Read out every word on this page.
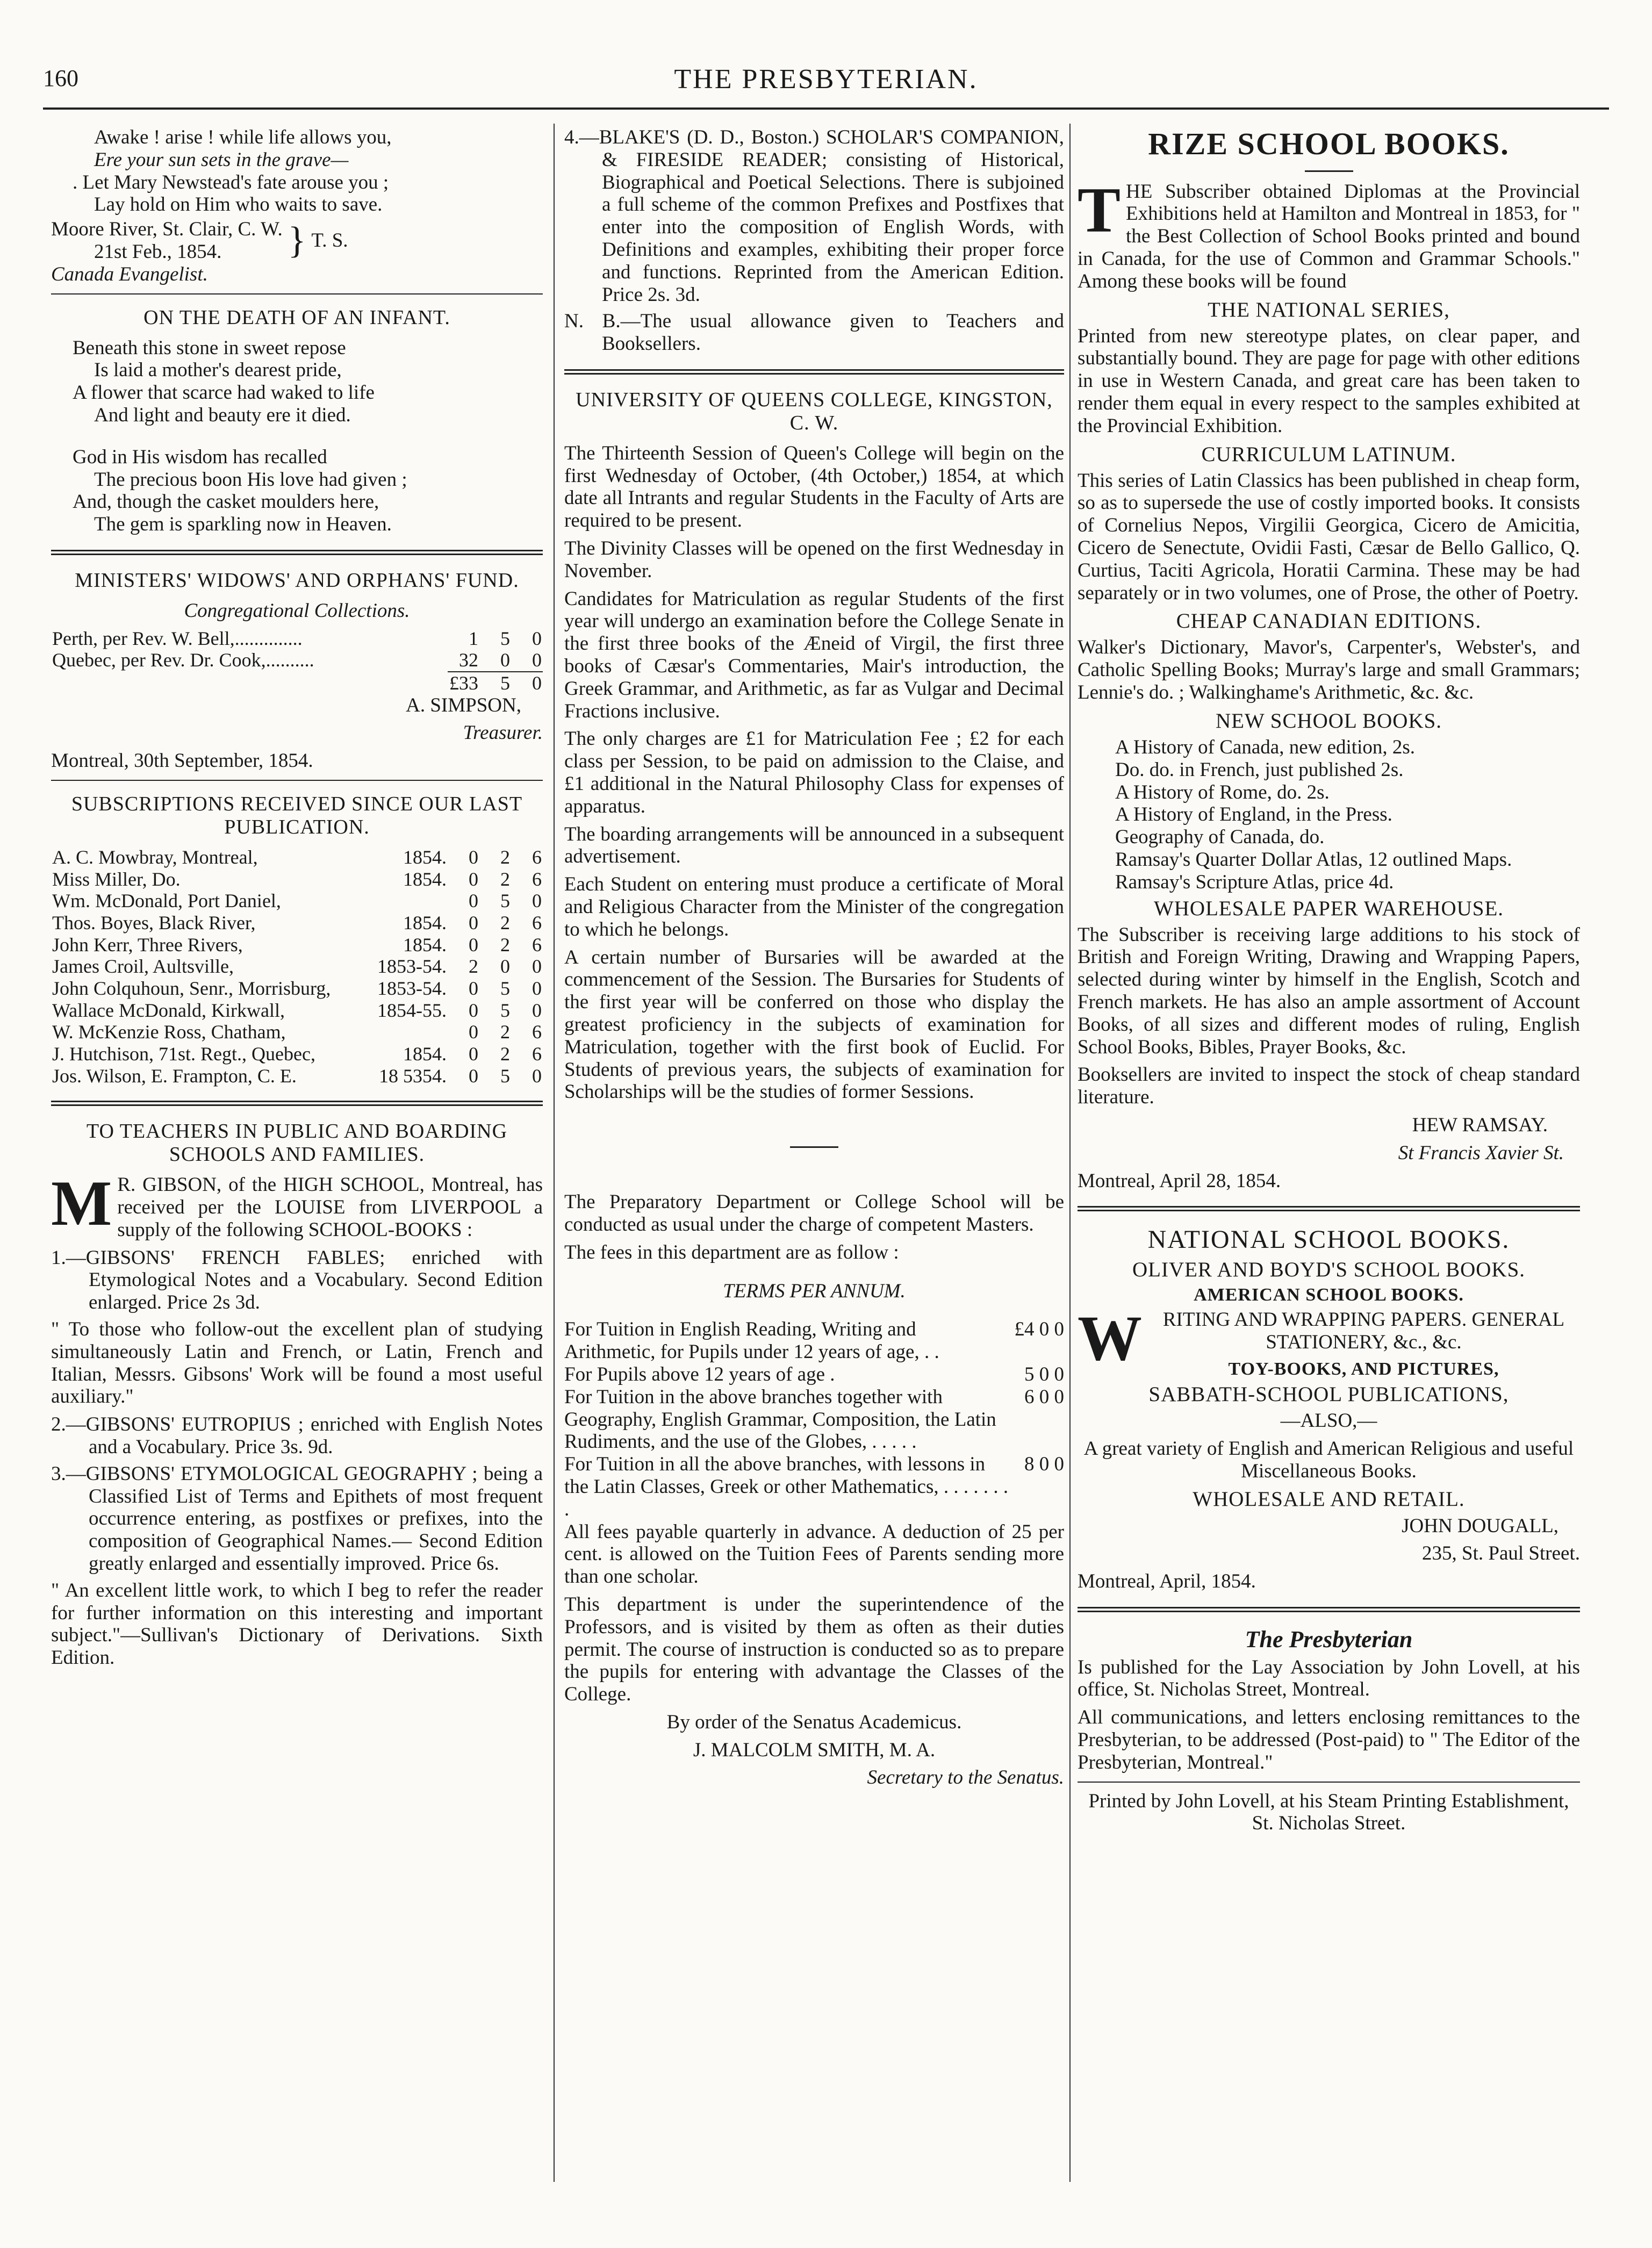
160	THE PRESBYTERIAN.

Awake ! arise ! while life allows you,

Ere your sun sets in the grave—

. Let Mary Newstead's fate arouse you ;

Lay hold on Him who waits to save.

Moore River, St. Clair, C. W.
21st Feb., 1854.	} T. S.

Canada Evangelist.

ON THE DEATH OF AN INFANT.

Beneath this stone in sweet repose

Is laid a mother's dearest pride,

A flower that scarce had waked to life

And light and beauty ere it died.

God in His wisdom has recalled

The precious boon His love had given ;

And, though the casket moulders here,

The gem is sparkling now in Heaven.

MINISTERS' WIDOWS' AND ORPHANS' FUND.

Congregational Collections.

Perth, per Rev. W. Bell,..............	1	5	0
Quebec, per Rev. Dr. Cook,..........	32	0	0
	£33	5	0

A. SIMPSON,

Treasurer.

Montreal, 30th September, 1854.

SUBSCRIPTIONS RECEIVED SINCE OUR LAST PUBLICATION.
A. C. Mowbray, Montreal,	1854.	0	2	6
Miss Miller, Do.	1854.	0	2	6
Wm. McDonald, Port Daniel,		0	5	0
Thos. Boyes, Black River,	1854.	0	2	6
John Kerr, Three Rivers,	1854.	0	2	6
James Croil, Aultsville,	1853-54.	2	0	0
John Colquhoun, Senr., Morrisburg,	1853-54.	0	5	0
Wallace McDonald, Kirkwall,	1854-55.	0	5	0
W. McKenzie Ross, Chatham,		0	2	6
J. Hutchison, 71st. Regt., Quebec,	1854.	0	2	6
Jos. Wilson, E. Frampton, C. E.	18 5354.	0	5	0
TO TEACHERS IN PUBLIC AND BOARDING SCHOOLS AND FAMILIES.

M R. GIBSON, of the HIGH SCHOOL, Montreal, has received per the LOUISE from LIVERPOOL a supply of the following SCHOOL-BOOKS :

1.—GIBSONS' FRENCH FABLES; enriched with Etymological Notes and a Vocabulary. Second Edition enlarged. Price 2s 3d.

" To those who follow-out the excellent plan of studying simultaneously Latin and French, or Latin, French and Italian, Messrs. Gibsons' Work will be found a most useful auxiliary."

2.—GIBSONS' EUTROPIUS ; enriched with English Notes and a Vocabulary. Price 3s. 9d.

3.—GIBSONS' ETYMOLOGICAL GEOGRAPHY ; being a Classified List of Terms and Epithets of most frequent occurrence entering, as postfixes or prefixes, into the composition of Geographical Names.— Second Edition greatly enlarged and essentially improved. Price 6s.

" An excellent little work, to which I beg to refer the reader for further information on this interesting and important subject."—Sullivan's Dictionary of Derivations. Sixth Edition.

4.—BLAKE'S (D. D., Boston.) SCHOLAR'S COMPANION, & FIRESIDE READER; consisting of Historical, Biographical and Poetical Selections. There is subjoined a full scheme of the common Prefixes and Postfixes that enter into the composition of English Words, with Definitions and examples, exhibiting their proper force and functions. Reprinted from the American Edition. Price 2s. 3d.

N. B.—The usual allowance given to Teachers and Booksellers.

UNIVERSITY OF QUEENS COLLEGE, KINGSTON, C. W.

The Thirteenth Session of Queen's College will begin on the first Wednesday of October, (4th October,) 1854, at which date all Intrants and regular Students in the Faculty of Arts are required to be present.

The Divinity Classes will be opened on the first Wednesday in November.

Candidates for Matriculation as regular Students of the first year will undergo an examination before the College Senate in the first three books of the Æneid of Virgil, the first three books of Cæsar's Commentaries, Mair's introduction, the Greek Grammar, and Arithmetic, as far as Vulgar and Decimal Fractions inclusive.

The only charges are £1 for Matriculation Fee ; £2 for each class per Session, to be paid on admission to the Claise, and £1 additional in the Natural Philosophy Class for expenses of apparatus.

The boarding arrangements will be announced in a subsequent advertisement.

Each Student on entering must produce a certificate of Moral and Religious Character from the Minister of the congregation to which he belongs.

A certain number of Bursaries will be awarded at the commencement of the Session. The Bursaries for Students of the first year will be conferred on those who display the greatest proficiency in the subjects of examination for Matriculation, together with the first book of Euclid. For Students of previous years, the subjects of examination for Scholarships will be the studies of former Sessions.

The Preparatory Department or College School will be conducted as usual under the charge of competent Masters.

The fees in this department are as follow :

TERMS PER ANNUM.

For Tuition in English Reading, Writing and Arithmetic, for Pupils under 12 years of age, . .
£4 0 0
For Pupils above 12 years of age .	5 0 0
For Tuition in the above branches together with Geography, English Grammar, Composition, the Latin Rudiments, and the use of the Globes, . . . . .
6 0 0
For Tuition in all the above branches, with lessons in the Latin Classes, Greek or other Mathematics, . . . . . . . .
8 0 0

All fees payable quarterly in advance. A deduction of 25 per cent. is allowed on the Tuition Fees of Parents sending more than one scholar.

This department is under the superintendence of the Professors, and is visited by them as often as their duties permit. The course of instruction is conducted so as to prepare the pupils for entering with advantage the Classes of the College.

By order of the Senatus Academicus.

J. MALCOLM SMITH, M. A.

Secretary to the Senatus.

RIZE SCHOOL BOOKS.

THE Subscriber obtained Diplomas at the Provincial Exhibitions held at Hamilton and Montreal in 1853, for " the Best Collection of School Books printed and bound in Canada, for the use of Common and Grammar Schools." Among these books will be found

THE NATIONAL SERIES,

Printed from new stereotype plates, on clear paper, and substantially bound. They are page for page with other editions in use in Western Canada, and great care has been taken to render them equal in every respect to the samples exhibited at the Provincial Exhibition.

CURRICULUM LATINUM.

This series of Latin Classics has been published in cheap form, so as to supersede the use of costly imported books. It consists of Cornelius Nepos, Virgilii Georgica, Cicero de Amicitia, Cicero de Senectute, Ovidii Fasti, Cæsar de Bello Gallico, Q. Curtius, Taciti Agricola, Horatii Carmina. These may be had separately or in two volumes, one of Prose, the other of Poetry.

CHEAP CANADIAN EDITIONS.

Walker's Dictionary, Mavor's, Carpenter's, Webster's, and Catholic Spelling Books; Murray's large and small Grammars; Lennie's do. ; Walkinghame's Arithmetic, &c. &c.

NEW SCHOOL BOOKS.
A History of Canada, new edition, 2s.
Do. do. in French, just published 2s.
A History of Rome, do. 2s.
A History of England, in the Press.
Geography of Canada, do.
Ramsay's Quarter Dollar Atlas, 12 outlined Maps.
Ramsay's Scripture Atlas, price 4d.
WHOLESALE PAPER WAREHOUSE.

The Subscriber is receiving large additions to his stock of British and Foreign Writing, Drawing and Wrapping Papers, selected during winter by himself in the English, Scotch and French markets. He has also an ample assortment of Account Books, of all sizes and different modes of ruling, English School Books, Bibles, Prayer Books, &c.

Booksellers are invited to inspect the stock of cheap standard literature.

HEW RAMSAY.

St Francis Xavier St.

Montreal, April 28, 1854.

NATIONAL SCHOOL BOOKS.
OLIVER AND BOYD'S SCHOOL BOOKS.
AMERICAN SCHOOL BOOKS.

W RITING AND WRAPPING PAPERS. GENERAL STATIONERY, &c., &c.

TOY-BOOKS, AND PICTURES,
SABBATH-SCHOOL PUBLICATIONS,

—ALSO,—

A great variety of English and American Religious and useful Miscellaneous Books.

WHOLESALE AND RETAIL.

JOHN DOUGALL,

235, St. Paul Street.

Montreal, April, 1854.

The Presbyterian

Is published for the Lay Association by John Lovell, at his office, St. Nicholas Street, Montreal.

All communications, and letters enclosing remittances to the Presbyterian, to be addressed (Post-paid) to " The Editor of the Presbyterian, Montreal."

Printed by John Lovell, at his Steam Printing Establishment, St. Nicholas Street.
